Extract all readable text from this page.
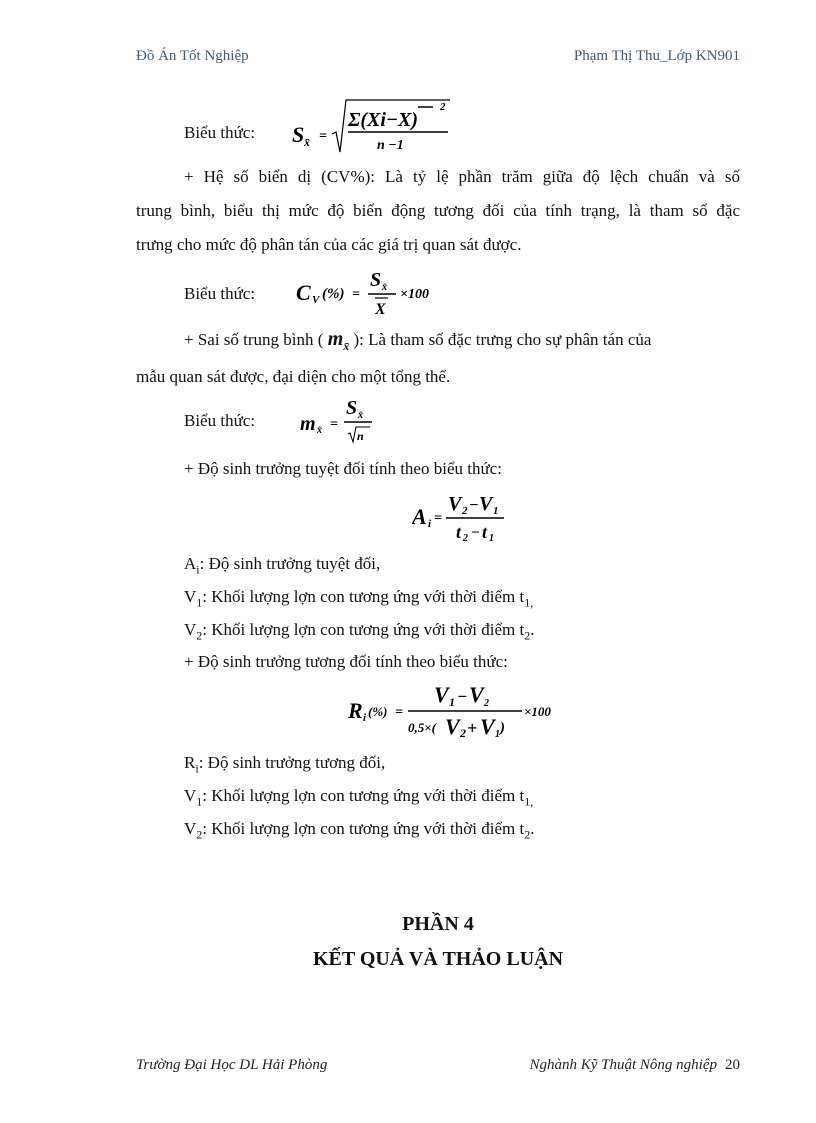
Đồ Án Tốt Nghiệp	Phạm Thị Thu_Lớp KN901
Biểu thức:	S x̄ =
Σ(Xi−X)
2
n −1
+ Hệ số biến dị (CV%): Là tỷ lệ phần trăm giữa độ lệch chuẩn và số
trung bình, biểu thị mức độ biến động tương đối của tính trạng, là tham số đặc
trưng cho mức độ phân tán của các giá trị quan sát được.
Biểu thức:	C V (%) =
S x̄
X
×100
+ Sai số trung bình ( $m_{x̄}$ ): Là tham số đặc trưng cho sự phân tán của
mẫu quan sát được, đại diện cho một tổng thể.
Biểu thức:	m x̄ =
S x̄
n
+ Độ sinh trưởng tuyệt đối tính theo biểu thức:
A i =
V 2 − V 1
t 2 − t 1
$A_i$: Độ sinh trưởng tuyệt đối,
$V_1$: Khối lượng lợn con tương ứng với thời điểm $t_{1,}$
$V_2$: Khối lượng lợn con tương ứng với thời điểm $t_2$.
+ Độ sinh trưởng tương đối tính theo biểu thức:
R i (%) =
V 1 − V 2
0,5×( V 2 + V 1 )
×100
$R_i$: Độ sinh trưởng tương đối,
$V_1$: Khối lượng lợn con tương ứng với thời điểm $t_{1,}$
$V_2$: Khối lượng lợn con tương ứng với thời điểm $t_2$.
PHẦN 4
KẾT QUẢ VÀ THẢO LUẬN
Trường Đại Học DL Hải Phòng	Nghành Kỹ Thuật Nông nghiệp 20
